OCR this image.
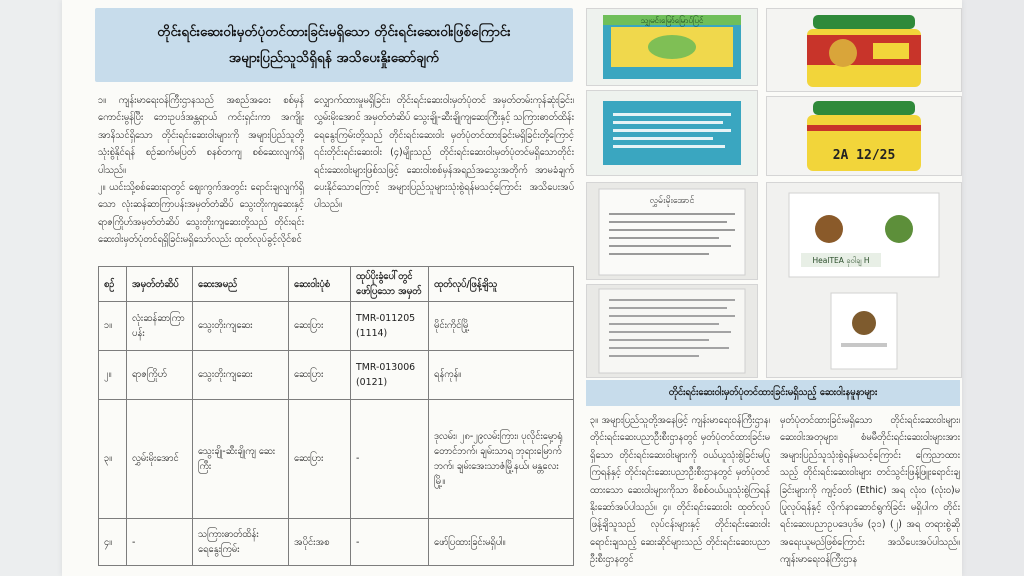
တိုင်းရင်းဆေးဝါးမှတ်ပုံတင်ထားခြင်းမရှိသော တိုင်းရင်းဆေးဝါးဖြစ်ကြောင်း
အများပြည်သူသိရှိရန် အသိပေးနှိုးဆော်ချက်

၁။ ကျန်းမာရေးဝန်ကြီးဌာနသည် အစည်အဝေး စစ်မှန်ကောင်းမွန်ပြီး ဘေးဥပဒ်အန္တရာယ် ကင်းရှင်းကာ အကျိုးအာနိသင်ရှိသော တိုင်းရင်းဆေးဝါးများကို အများပြည်သူတို့ သုံးစွဲနိုင်ရန် စဉ်ဆက်မပြတ် စနစ်တကျ စစ်ဆေးလျက်ရှိပါသည်။

၂။ ယင်းသို့စစ်ဆေးရာတွင် စျေးကွက်အတွင်း ရောင်းချလျက်ရှိသော လုံးဆန်ဆာကြာပန်းအမှတ်တံဆိပ် သွေးတိုးကျဆေးနှင့် ရာဇကြိုဟ်အမှတ်တံဆိပ် သွေးတိုးကျဆေးတို့သည် တိုင်းရင်းဆေးဝါးမှတ်ပုံတင်ရရှိခြင်းမရှိသော်လည်း ထုတ်လုပ်ခွင့်လိုင်စင်

လျှောက်ထားမှုမရှိခြင်း၊ တိုင်းရင်းဆေးဝါးမှတ်ပုံတင် အမှတ်တမ်းကုန်ဆုံးခြင်း၊ လွှမ်းမိုးအောင် အမှတ်တံဆိပ် သွေးချို-ဆီးချိုကျဆေးကြီးနှင့် သကြားဓာတ်ထိန်း ရေနွေးကြမ်းတို့သည် တိုင်းရင်းဆေးဝါး မှတ်ပုံတင်ထားခြင်းမရှိခြင်းတို့ကြောင့် ၎င်းတိုင်းရင်းဆေးဝါး (၄)မျိုးသည် တိုင်းရင်းဆေးဝါးမှတ်ပုံတင်မရှိသောတိုင်းရင်းဆေးဝါးများဖြစ်သဖြင့် ဆေးဝါးစစ်မှန်အရည်အသွေးအတိုက် အာမခံချက်ပေးနိုင်သောကြောင့် အများပြည်သူများသုံးစွဲရန်မသင့်ကြောင်း အသိပေးအပ်ပါသည်။

စဉ်	အမှတ်တံဆိပ်	ဆေးအမည်	ဆေးဝါးပုံစံ	ထုပ်ပိုးခွံပေါ်တွင် ဖော်ပြသော အမှတ်	ထုတ်လုပ်/ဖြန့်ချိသူ
၁။	လုံးဆန်ဆာကြာပန်း	သွေးတိုးကျဆေး	ဆေးပြား	TMR-011205 (1114)	မိုင်းကိုင်မြို့
၂။	ရာဇကြိုဟ်	သွေးတိုးကျဆေး	ဆေးပြား	TMR-013006 (0121)	ရန်ကုန်။
၃။	လွှမ်းမိုးအောင်	သွေးချို-ဆီးချိုကျ ဆေးကြီး	ဆေးပြား	-	ဒုလမ်း၊ ၂၈-၂၉လမ်းကြား၊ ပုလိုင်းမှေ့ာရုံ တောင်ဘက်၊ ချမ်းသာရ ဘုရားမြောက်ဘက်၊ ချမ်းအေးသာဇံမြို့နယ်၊ မန္တလေးမြို့။
၄။	-	သကြားဓာတ်ထိန်း ရေနွေးကြမ်း	အပိုင်းအစ	-	ဖော်ပြထားခြင်းမရှိပါ။
သျှမင်းမြော်မြောပ်ပြင်
2A 12/25
လွှမ်းမိုးအောင်
HealTEA ခုဝါချ H
တိုင်းရင်းဆေးဝါးမှတ်ပုံတင်ထားခြင်းမရှိသည့် ဆေးဝါးနမူနာများ

၃။ အများပြည်သူတို့အနေဖြင့် ကျန်းမာရေးဝန်ကြီးဌာန၊ တိုင်းရင်းဆေးပညာဦးစီးဌာနတွင် မှတ်ပုံတင်ထားခြင်းမရှိသော တိုင်းရင်းဆေးဝါးများကို ဝယ်ယူသုံးစွဲခြင်းမပြုကြရန်နှင့် တိုင်းရင်းဆေးပညာဦးစီးဌာနတွင် မှတ်ပုံတင်ထားသော ဆေးဝါးများကိုသာ စိစစ်ဝယ်ယူသုံးစွဲကြရန် နိုးဆော်အပ်ပါသည်။ ၄။ တိုင်းရင်းဆေးဝါး ထုတ်လုပ်ဖြန့်ချိသူသည် လုပ်ငန်းများနှင့် တိုင်းရင်းဆေးဝါးရောင်းချသည့် ဆေးဆိုင်များသည် တိုင်းရင်းဆေးပညာဦးစီးဌာနတွင်

မှတ်ပုံတင်ထားခြင်းမရှိသော တိုင်းရင်းဆေးဝါးများ၊ ဆေးဝါးအတုများ၊ စံမမီတိုင်းရင်းဆေးဝါးများအား အများပြည်သူသုံးစွဲရန်မသင့်ကြောင်း ကြေညာထားသည့် တိုင်းရင်းဆေးဝါးများ တင်သွင်းဖြန့်ဖြူးရောင်းချခြင်းများကို ကျင့်ဝတ် (Ethic) အရ လုံးဝ (လုံးဝ)မပြုလုပ်ရန်နှင့် လိုက်နာဆောင်ရွက်ခြင်း မရှိပါက တိုင်းရင်းဆေးပညာဥပဒေပုဒ်မ (၃၁) (၂) အရ တရားစွဲဆိုအရေးယူမည်ဖြစ်ကြောင်း အသိပေးအပ်ပါသည်။ ကျန်းမာရေးဝန်ကြီးဌာန
